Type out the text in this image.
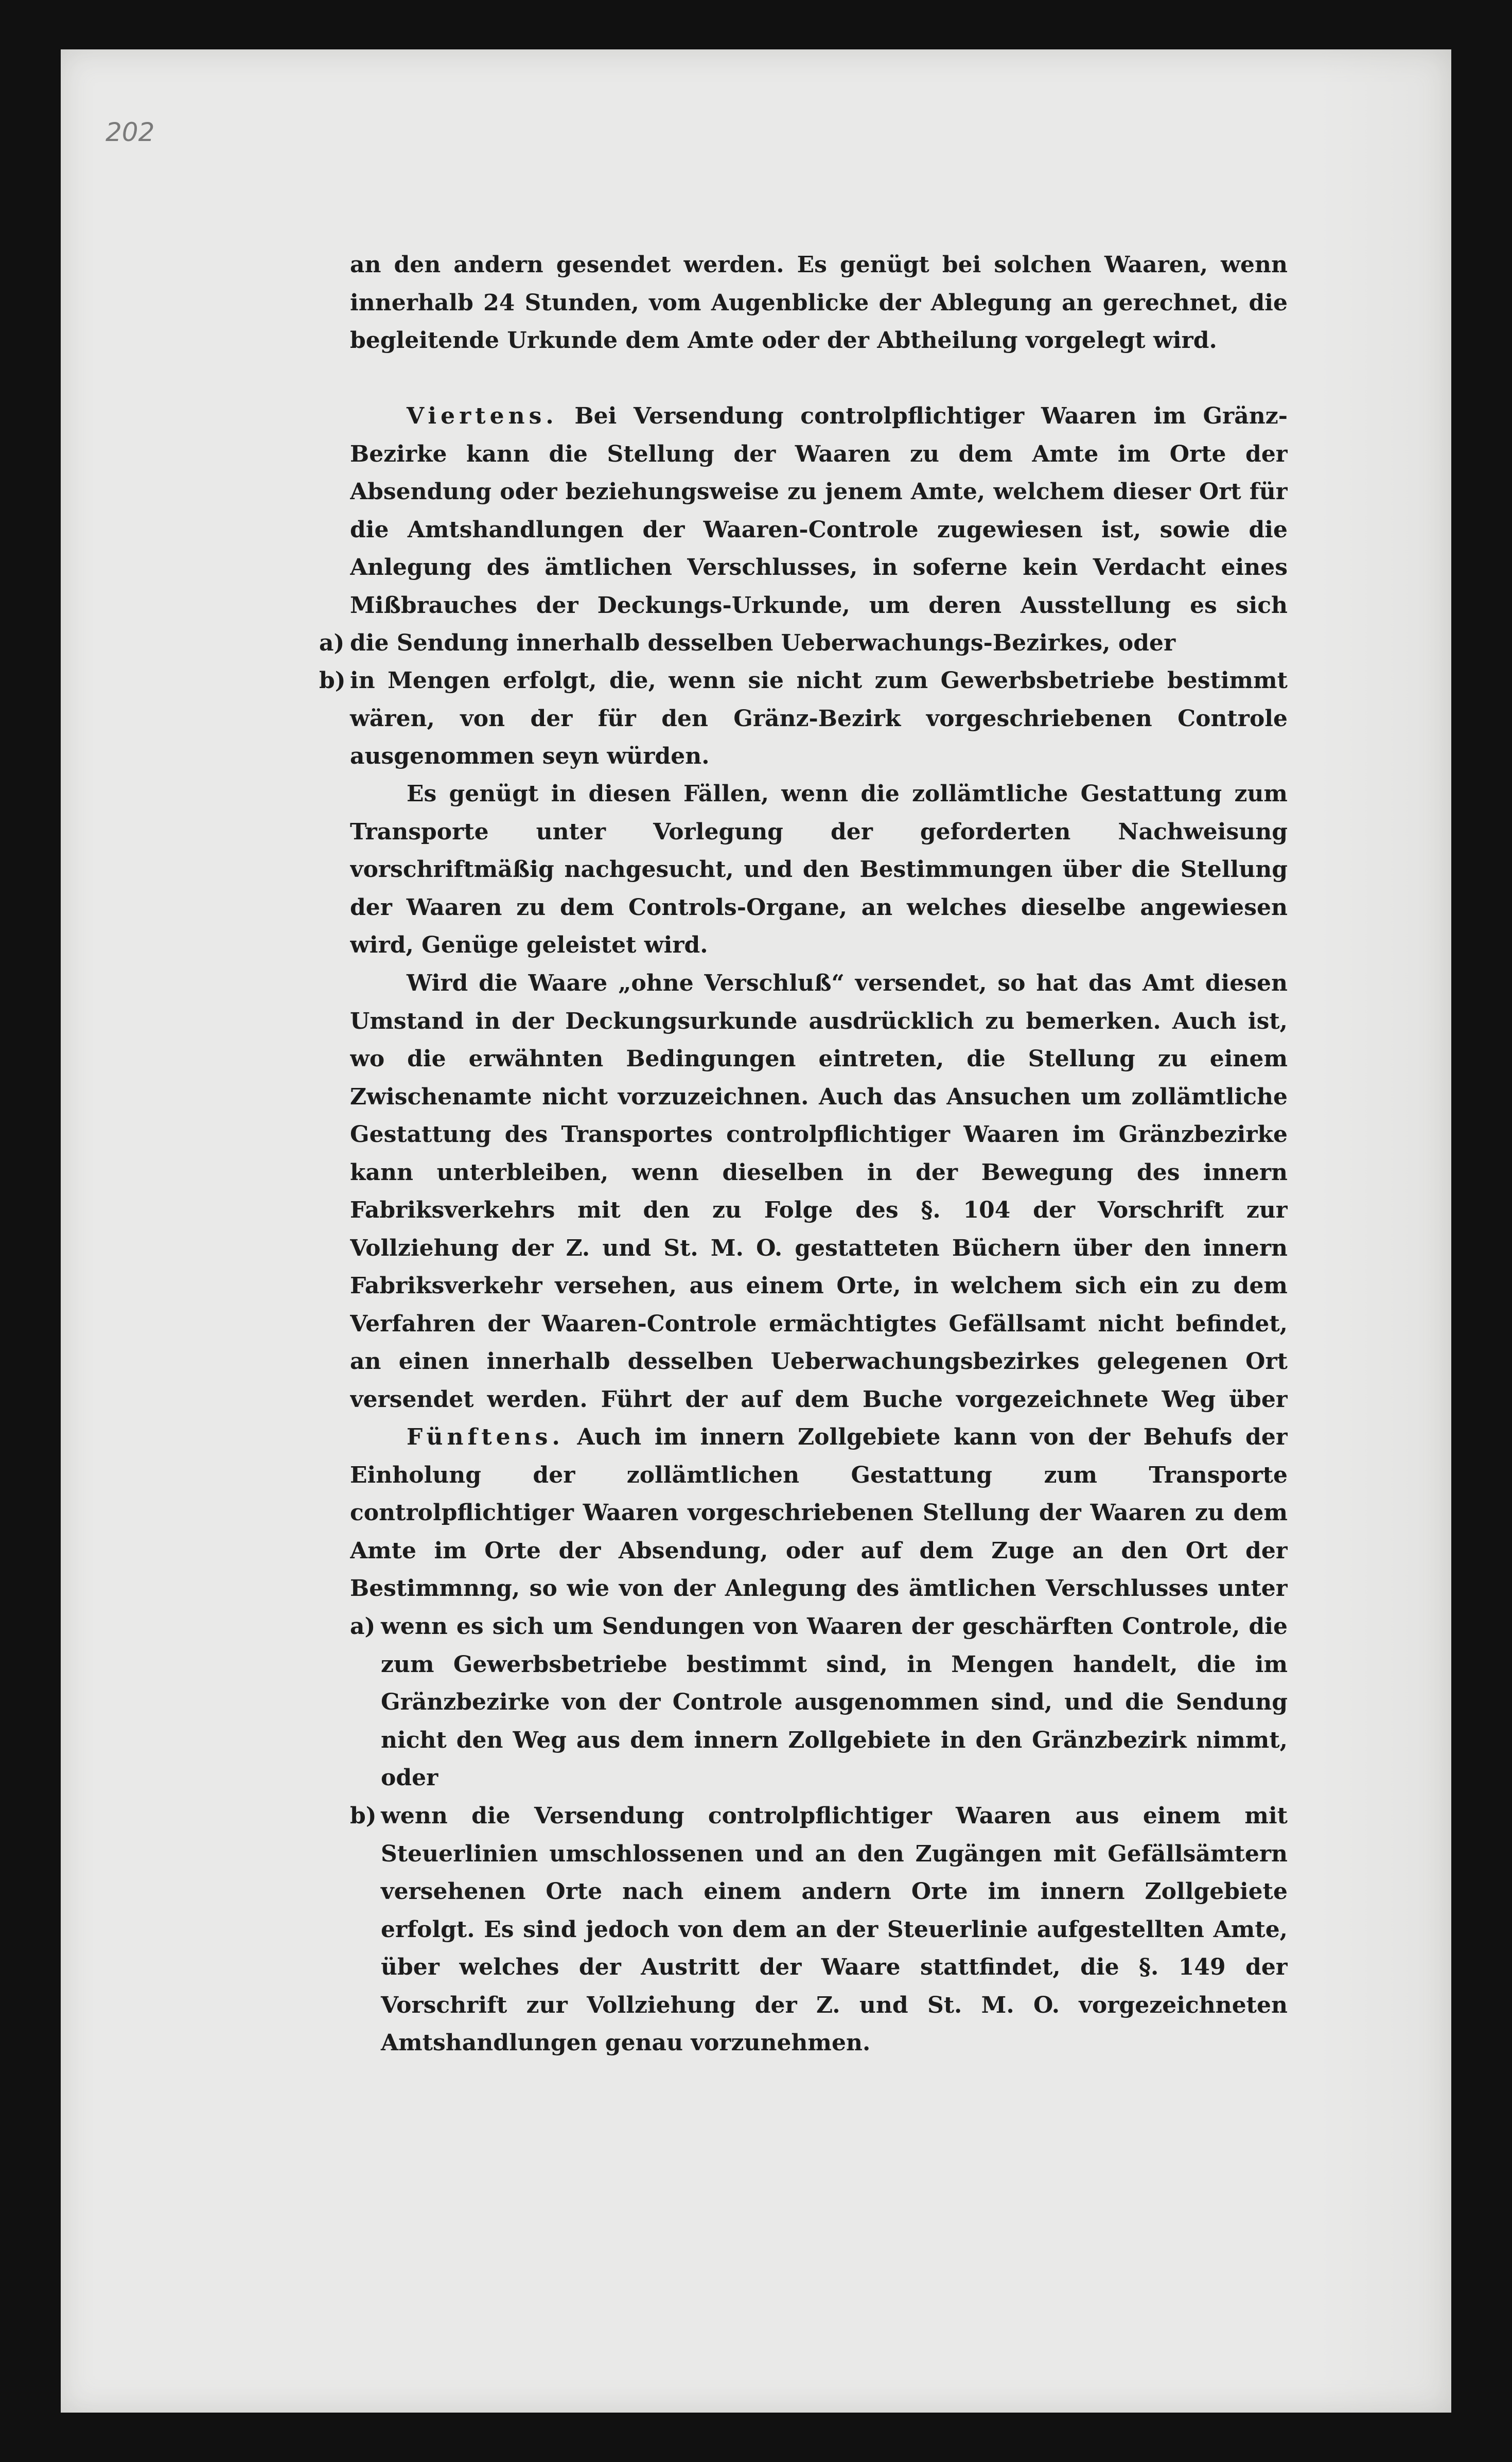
202

an den andern gesendet werden. Es genügt bei solchen Waaren, wenn innerhalb 24 Stunden, vom Augenblicke der Ablegung an gerechnet, die begleitende Urkunde dem Amte oder der Abtheilung vorgelegt wird.

Viertens. Bei Versendung controlpflichtiger Waaren im Gränz-Bezirke kann die Stellung der Waaren zu dem Amte im Orte der Absendung oder beziehungsweise zu jenem Amte, welchem dieser Ort für die Amtshandlungen der Waaren-Controle zugewiesen ist, sowie die Anlegung des ämtlichen Verschlusses, in soferne kein Verdacht eines Mißbrauches der Deckungs-Urkunde, um deren Ausstellung es sich

a) die Sendung innerhalb desselben Ueberwachungs-Bezirkes, oder
b) in Mengen erfolgt, die, wenn sie nicht zum Gewerbsbetriebe bestimmt wären, von der für den Gränz-Bezirk vorgeschriebenen Controle ausgenommen seyn würden.

Es genügt in diesen Fällen, wenn die zollämtliche Gestattung zum Transporte unter Vorlegung der geforderten Nachweisung vorschriftmäßig nachgesucht, und den Bestimmungen über die Stellung der Waaren zu dem Controls-Organe, an welches dieselbe angewiesen wird, Genüge geleistet wird.

Wird die Waare „ohne Verschluß“ versendet, so hat das Amt diesen Umstand in der Deckungsurkunde ausdrücklich zu bemerken. Auch ist, wo die erwähnten Bedingungen eintreten, die Stellung zu einem Zwischenamte nicht vorzuzeichnen. Auch das Ansuchen um zollämtliche Gestattung des Transportes controlpflichtiger Waaren im Gränzbezirke kann unterbleiben, wenn dieselben in der Bewegung des innern Fabriksverkehrs mit den zu Folge des §. 104 der Vorschrift zur Vollziehung der Z. und St. M. O. gestatteten Büchern über den innern Fabriksverkehr versehen, aus einem Orte, in welchem sich ein zu dem Verfahren der Waaren-Controle ermächtigtes Gefällsamt nicht befindet, an einen innerhalb desselben Ueberwachungsbezirkes gelegenen Ort versendet werden. Führt der auf dem Buche vorgezeichnete Weg über

Fünftens. Auch im innern Zollgebiete kann von der Behufs der Einholung der zollämtlichen Gestattung zum Transporte controlpflichtiger Waaren vorgeschriebenen Stellung der Waaren zu dem Amte im Orte der Absendung, oder auf dem Zuge an den Ort der Bestimmnng, so wie von der Anlegung des ämtlichen Verschlusses unter

a) wenn es sich um Sendungen von Waaren der geschärften Controle, die zum Gewerbsbetriebe bestimmt sind, in Mengen handelt, die im Gränzbezirke von der Controle ausgenommen sind, und die Sendung nicht den Weg aus dem innern Zollgebiete in den Gränzbezirk nimmt, oder
b) wenn die Versendung controlpflichtiger Waaren aus einem mit Steuerlinien umschlossenen und an den Zugängen mit Gefällsämtern versehenen Orte nach einem andern Orte im innern Zollgebiete erfolgt. Es sind jedoch von dem an der Steuerlinie aufgestellten Amte, über welches der Austritt der Waare stattfindet, die §. 149 der Vorschrift zur Vollziehung der Z. und St. M. O. vorgezeichneten Amtshandlungen genau vorzunehmen.
